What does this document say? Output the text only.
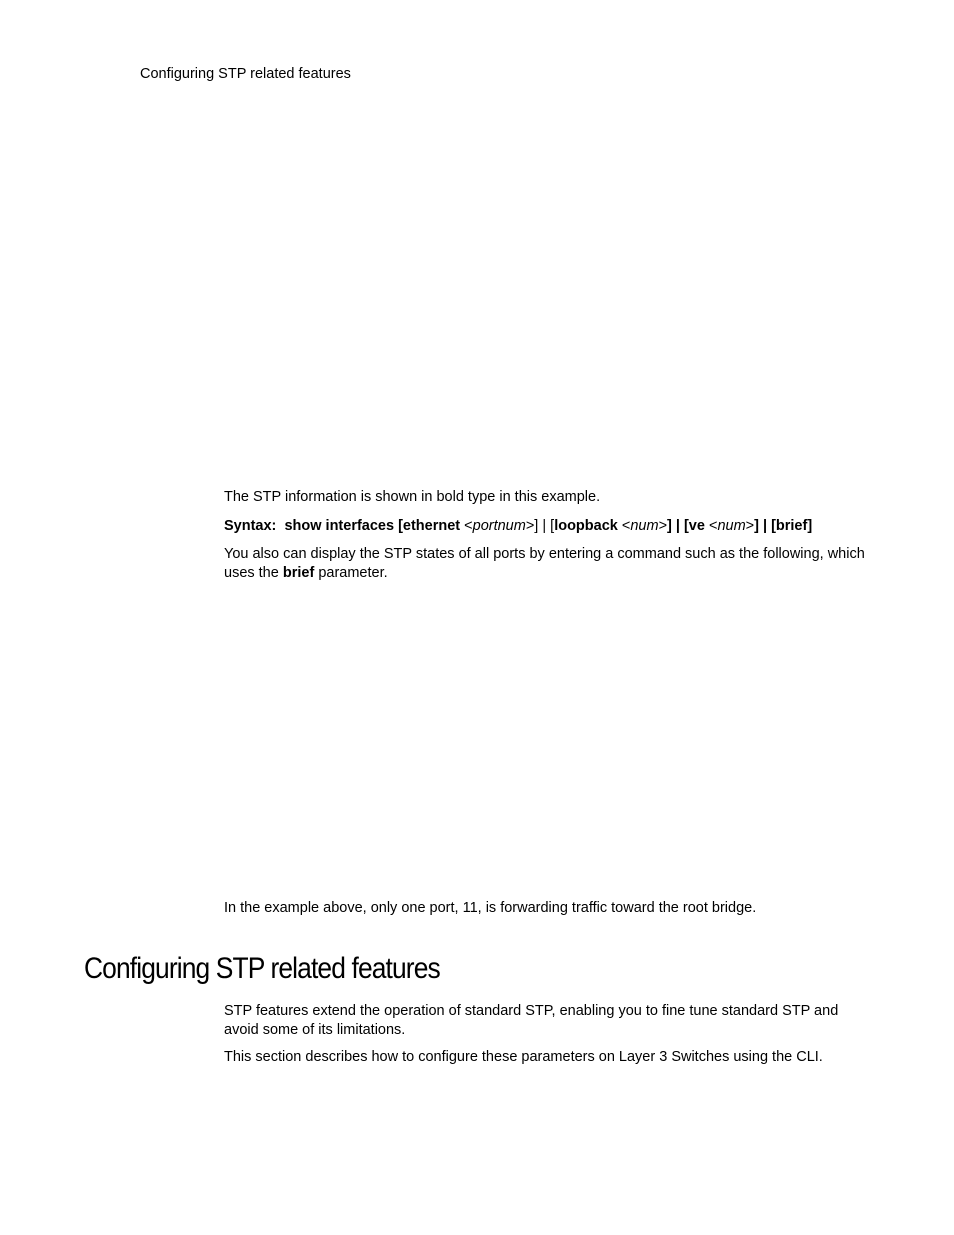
Configuring STP related features

The STP information is shown in bold type in this example.

Syntax: show interfaces [ethernet <portnum>] | [loopback <num>] | [ve <num>] | [brief]

You also can display the STP states of all ports by entering a command such as the following, which uses the brief parameter.

In the example above, only one port, 11, is forwarding traffic toward the root bridge.

Configuring STP related features

STP features extend the operation of standard STP, enabling you to fine tune standard STP and avoid some of its limitations.

This section describes how to configure these parameters on Layer 3 Switches using the CLI.
